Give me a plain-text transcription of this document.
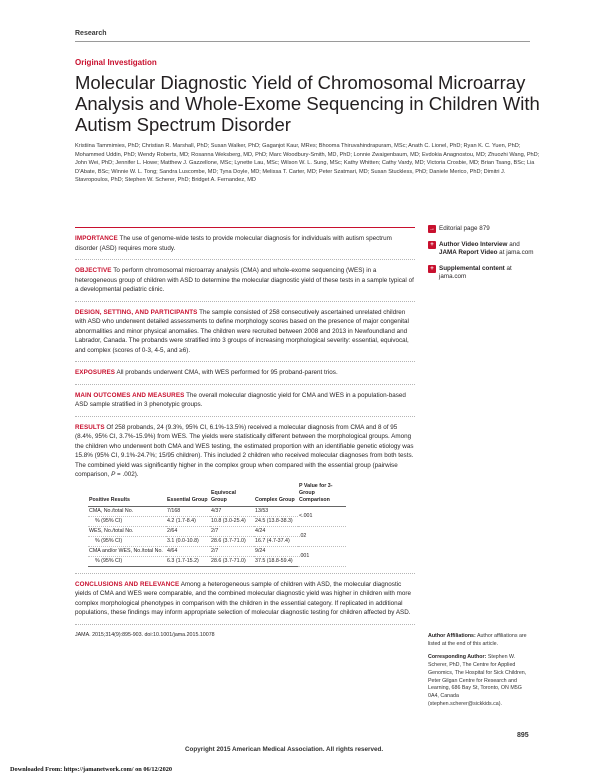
Research
Original Investigation
Molecular Diagnostic Yield of Chromosomal Microarray Analysis and Whole-Exome Sequencing in Children With Autism Spectrum Disorder
Kristiina Tammimies, PhD; Christian R. Marshall, PhD; Susan Walker, PhD; Gaganjot Kaur, MRes; Bhooma Thiruvahindrapuram, MSc; Anath C. Lionel, PhD; Ryan K. C. Yuen, PhD; Mohammed Uddin, PhD; Wendy Roberts, MD; Rosanna Weksberg, MD, PhD; Marc Woodbury-Smith, MD, PhD; Lonnie Zwaigenbaum, MD; Evdokia Anagnostou, MD; Zhuozhi Wang, PhD; John Wei, PhD; Jennifer L. Howe; Matthew J. Gazzellone, MSc; Lynette Lau, MSc; Wilson W. L. Sung, MSc; Kathy Whitten; Cathy Vardy, MD; Victoria Crosbie, MD; Brian Tsang, BSc; Lia D'Abate, BSc; Winnie W. L. Tong; Sandra Luscombe, MD; Tyna Doyle, MD; Melissa T. Carter, MD; Peter Szatmari, MD; Susan Stuckless, PhD; Daniele Merico, PhD; Dimitri J. Stavropoulos, PhD; Stephen W. Scherer, PhD; Bridget A. Fernandez, MD

IMPORTANCE The use of genome-wide tests to provide molecular diagnosis for individuals with autism spectrum disorder (ASD) requires more study.

OBJECTIVE To perform chromosomal microarray analysis (CMA) and whole-exome sequencing (WES) in a heterogeneous group of children with ASD to determine the molecular diagnostic yield of these tests in a sample typical of a developmental pediatric clinic.

DESIGN, SETTING, AND PARTICIPANTS The sample consisted of 258 consecutively ascertained unrelated children with ASD who underwent detailed assessments to define morphology scores based on the presence of major congenital abnormalities and minor physical anomalies. The children were recruited between 2008 and 2013 in Newfoundland and Labrador, Canada. The probands were stratified into 3 groups of increasing morphological severity: essential, equivocal, and complex (scores of 0-3, 4-5, and ≥6).

EXPOSURES All probands underwent CMA, with WES performed for 95 proband-parent trios.

MAIN OUTCOMES AND MEASURES The overall molecular diagnostic yield for CMA and WES in a population-based ASD sample stratified in 3 phenotypic groups.

RESULTS Of 258 probands, 24 (9.3%, 95% CI, 6.1%-13.5%) received a molecular diagnosis from CMA and 8 of 95 (8.4%, 95% CI, 3.7%-15.9%) from WES. The yields were statistically different between the morphological groups. Among the children who underwent both CMA and WES testing, the estimated proportion with an identifiable genetic etiology was 15.8% (95% CI, 9.1%-24.7%; 15/95 children). This included 2 children who received molecular diagnoses from both tests. The combined yield was significantly higher in the complex group when compared with the essential group (pairwise comparison, P = .002).

Positive Results	Essential Group	Equivocal Group	Complex Group	P Value for 3-Group Comparison
CMA, No./total No.	7/168	4/37	13/53	<.001
% (95% CI)	4.2 (1.7-8.4)	10.8 (3.0-25.4)	24.5 (13.8-38.3)	
WES, No./total No.	2/64	2/7	4/24	.02
% (95% CI)	3.1 (0.0-10.8)	28.6 (3.7-71.0)	16.7 (4.7-37.4)	
CMA and/or WES, No./total No.	4/64	2/7	9/24	.001
% (95% CI)	6.3 (1.7-15.2)	28.6 (3.7-71.0)	37.5 (18.8-59.4)	

CONCLUSIONS AND RELEVANCE Among a heterogeneous sample of children with ASD, the molecular diagnostic yields of CMA and WES were comparable, and the combined molecular diagnostic yield was higher in children with more complex morphological phenotypes in comparison with the children in the essential category. If replicated in additional populations, these findings may inform appropriate selection of molecular diagnostic testing for children affected by ASD.

JAMA. 2015;314(9):895-903. doi:10.1001/jama.2015.10078

→ Editorial page 879
+ Author Video Interview and JAMA Report Video at jama.com
+ Supplemental content at jama.com

Author Affiliations: Author affiliations are listed at the end of this article.

Corresponding Author: Stephen W. Scherer, PhD, The Centre for Applied Genomics, The Hospital for Sick Children, Peter Gilgan Centre for Research and Learning, 686 Bay St, Toronto, ON M5G 0A4, Canada (stephen.scherer@sickkids.ca).

895
Copyright 2015 American Medical Association. All rights reserved.
Downloaded From: https://jamanetwork.com/ on 06/12/2020
